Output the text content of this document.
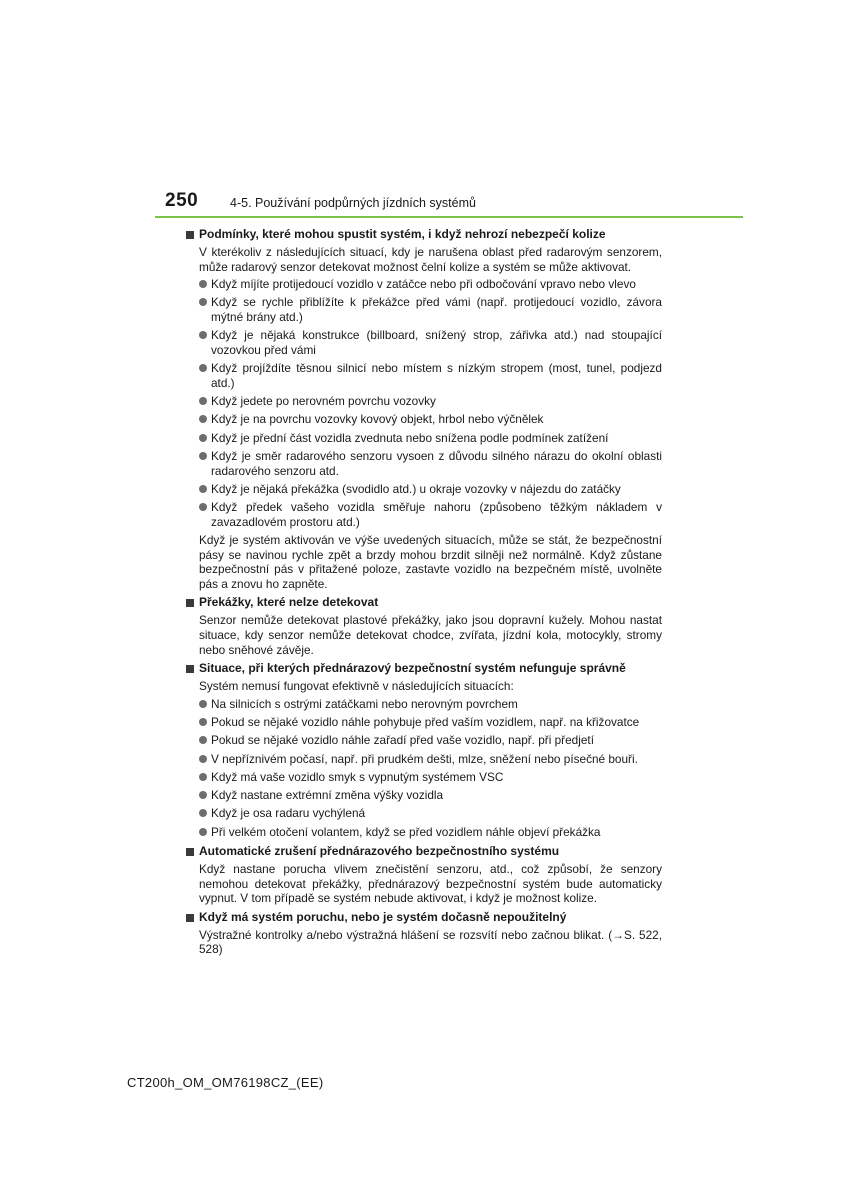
250	4-5. Používání podpůrných jízdních systémů
Podmínky, které mohou spustit systém, i když nehrozí nebezpečí kolize
V kterékoliv z následujících situací, kdy je narušena oblast před radarovým senzorem, může radarový senzor detekovat možnost čelní kolize a systém se může aktivovat.
Když míjíte protijedoucí vozidlo v zatáčce nebo při odbočování vpravo nebo vlevo
Když se rychle přiblížíte k překážce před vámi (např. protijedoucí vozidlo, závora mýtné brány atd.)
Když je nějaká konstrukce (billboard, snížený strop, zářivka atd.) nad stoupající vozovkou před vámi
Když projíždíte těsnou silnicí nebo místem s nízkým stropem (most, tunel, podjezd atd.)
Když jedete po nerovném povrchu vozovky
Když je na povrchu vozovky kovový objekt, hrbol nebo výčnělek
Když je přední část vozidla zvednuta nebo snížena podle podmínek zatížení
Když je směr radarového senzoru vysoen z důvodu silného nárazu do okolní oblasti radarového senzoru atd.
Když je nějaká překážka (svodidlo atd.) u okraje vozovky v nájezdu do zatáčky
Když předek vašeho vozidla směřuje nahoru (způsobeno těžkým nákladem v zavazadlovém prostoru atd.)
Když je systém aktivován ve výše uvedených situacích, může se stát, že bezpečnostní pásy se navinou rychle zpět a brzdy mohou brzdit silněji než normálně. Když zůstane bezpečnostní pás v přitažené poloze, zastavte vozidlo na bezpečném místě, uvolněte pás a znovu ho zapněte.
Překážky, které nelze detekovat
Senzor nemůže detekovat plastové překážky, jako jsou dopravní kužely. Mohou nastat situace, kdy senzor nemůže detekovat chodce, zvířata, jízdní kola, motocykly, stromy nebo sněhové závěje.
Situace, při kterých přednárazový bezpečnostní systém nefunguje správně
Systém nemusí fungovat efektivně v následujících situacích:
Na silnicích s ostrými zatáčkami nebo nerovným povrchem
Pokud se nějaké vozidlo náhle pohybuje před vaším vozidlem, např. na křižovatce
Pokud se nějaké vozidlo náhle zařadí před vaše vozidlo, např. při předjetí
V nepříznivém počasí, např. při prudkém dešti, mlze, sněžení nebo písečné bouři.
Když má vaše vozidlo smyk s vypnutým systémem VSC
Když nastane extrémní změna výšky vozidla
Když je osa radaru vychýlená
Při velkém otočení volantem, když se před vozidlem náhle objeví překážka
Automatické zrušení přednárazového bezpečnostního systému
Když nastane porucha vlivem znečistění senzoru, atd., což způsobí, že senzory nemohou detekovat překážky, přednárazový bezpečnostní systém bude automaticky vypnut. V tom případě se systém nebude aktivovat, i když je možnost kolize.
Když má systém poruchu, nebo je systém dočasně nepoužitelný
Výstražné kontrolky a/nebo výstražná hlášení se rozsvítí nebo začnou blikat. (→S. 522, 528)
CT200h_OM_OM76198CZ_(EE)
